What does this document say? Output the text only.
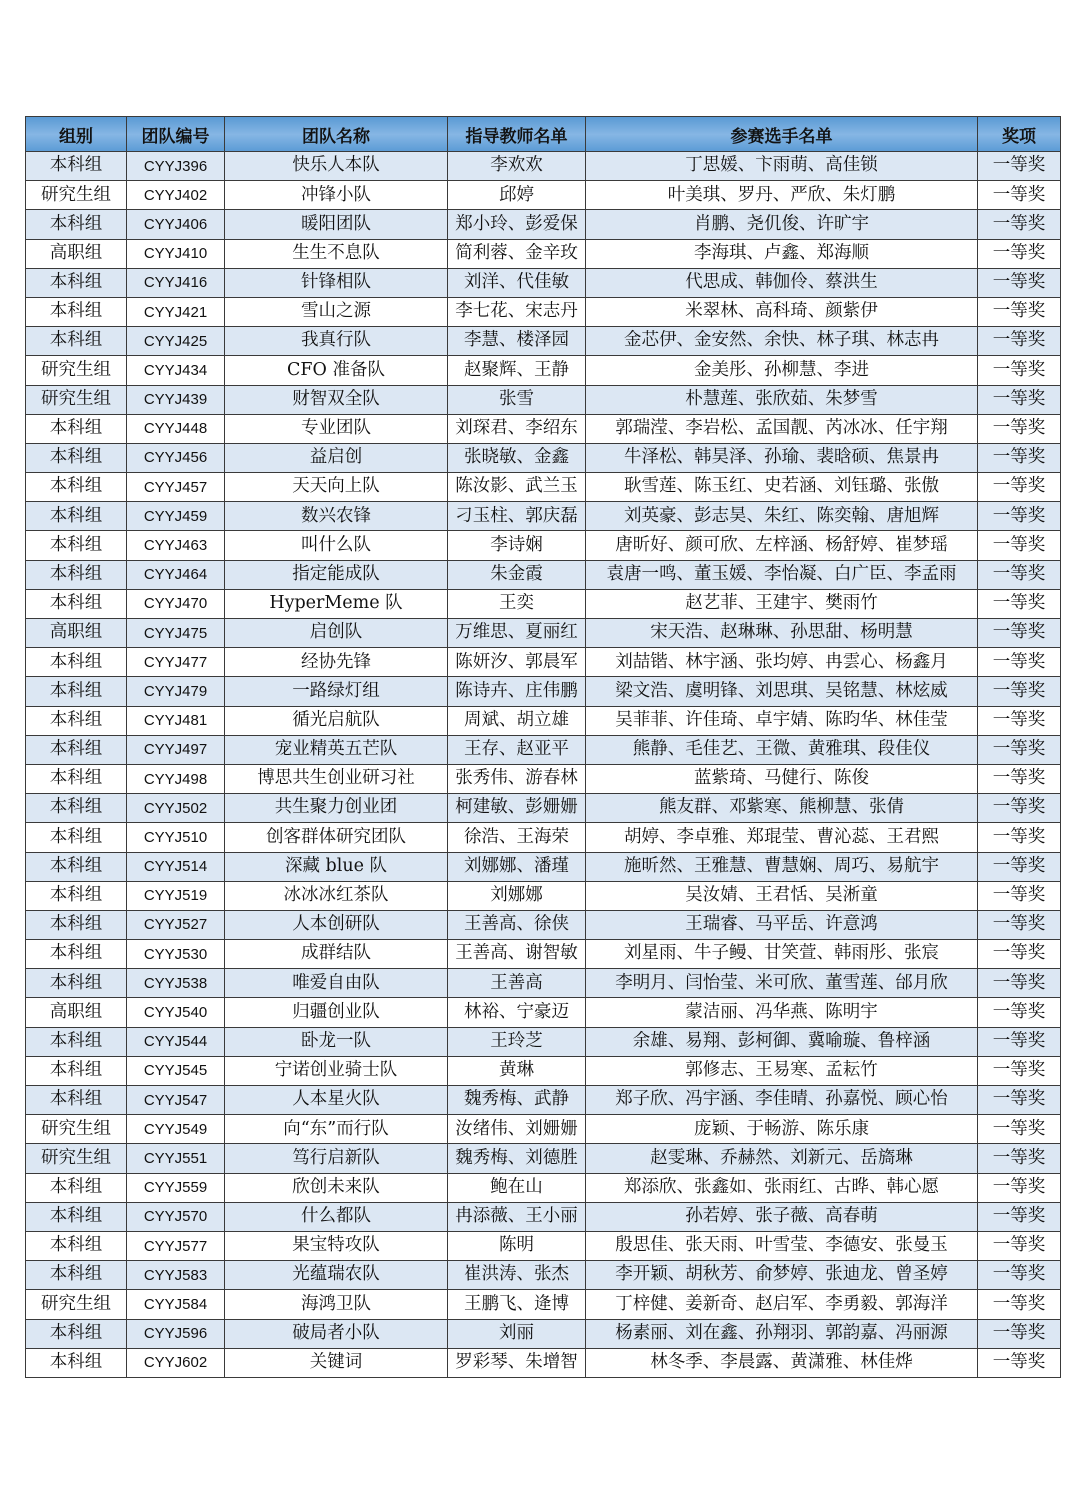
组别	团队编号	团队名称	指导教师名单	参赛选手名单	奖项
本科组	CYYJ396	快乐人本队	李欢欢	丁思媛、卞雨萌、高佳锁	一等奖
研究生组	CYYJ402	冲锋小队	邱婷	叶美琪、罗丹、严欣、朱灯鹏	一等奖
本科组	CYYJ406	暖阳团队	郑小玲、彭爱保	肖鹏、尧仉俊、许旷宇	一等奖
高职组	CYYJ410	生生不息队	简利蓉、金辛玫	李海琪、卢鑫、郑海顺	一等奖
本科组	CYYJ416	针锋相队	刘洋、代佳敏	代思成、韩伽伶、蔡洪生	一等奖
本科组	CYYJ421	雪山之源	李七花、宋志丹	米翠林、高科琦、颜紫伊	一等奖
本科组	CYYJ425	我真行队	李慧、楼泽园	金芯伊、金安然、余快、林子琪、林志冉	一等奖
研究生组	CYYJ434	CFO 准备队	赵聚辉、王静	金美彤、孙柳慧、李进	一等奖
研究生组	CYYJ439	财智双全队	张雪	朴慧莲、张欣茹、朱梦雪	一等奖
本科组	CYYJ448	专业团队	刘琛君、李绍东	郭瑞滢、李岩松、孟国靓、芮冰冰、任宇翔	一等奖
本科组	CYYJ456	益启创	张晓敏、金鑫	牛泽松、韩昊泽、孙瑜、裴晗硕、焦景冉	一等奖
本科组	CYYJ457	天天向上队	陈汝影、武兰玉	耿雪莲、陈玉红、史若涵、刘钰璐、张傲	一等奖
本科组	CYYJ459	数兴农锋	刁玉柱、郭庆磊	刘英豪、彭志昊、朱红、陈奕翰、唐旭辉	一等奖
本科组	CYYJ463	叫什么队	李诗娴	唐昕好、颜可欣、左梓涵、杨舒婷、崔梦瑶	一等奖
本科组	CYYJ464	指定能成队	朱金霞	袁唐一鸣、董玉媛、李怡凝、白广臣、李孟雨	一等奖
本科组	CYYJ470	HyperMeme 队	王奕	赵艺菲、王建宇、樊雨竹	一等奖
高职组	CYYJ475	启创队	万维思、夏丽红	宋天浩、赵琳琳、孙思甜、杨明慧	一等奖
本科组	CYYJ477	经协先锋	陈妍汐、郭晨军	刘喆锴、林宇涵、张均婷、冉雲心、杨鑫月	一等奖
本科组	CYYJ479	一路绿灯组	陈诗卉、庄伟鹏	梁文浩、虞明锋、刘思琪、吴铭慧、林炫威	一等奖
本科组	CYYJ481	循光启航队	周斌、胡立雄	吴菲菲、许佳琦、卓宇婧、陈昀华、林佳莹	一等奖
本科组	CYYJ497	宠业精英五芒队	王存、赵亚平	熊静、毛佳艺、王微、黄雅琪、段佳仪	一等奖
本科组	CYYJ498	博思共生创业研习社	张秀伟、游春林	蓝紫琦、马健行、陈俊	一等奖
本科组	CYYJ502	共生聚力创业团	柯建敏、彭姗姗	熊友群、邓紫寒、熊柳慧、张倩	一等奖
本科组	CYYJ510	创客群体研究团队	徐浩、王海荣	胡婷、李卓雅、郑琨莹、曹沁蕊、王君熙	一等奖
本科组	CYYJ514	深藏 blue 队	刘娜娜、潘瑾	施昕然、王雅慧、曹慧娴、周巧、易航宇	一等奖
本科组	CYYJ519	冰冰冰红茶队	刘娜娜	吴汝婧、王君恬、吴淅童	一等奖
本科组	CYYJ527	人本创研队	王善高、徐侠	王瑞睿、马平岳、许意鸿	一等奖
本科组	CYYJ530	成群结队	王善高、谢智敏	刘星雨、牛子鳗、甘笑萱、韩雨彤、张宸	一等奖
本科组	CYYJ538	唯爱自由队	王善高	李明月、闫怡莹、米可欣、董雪莲、邰月欣	一等奖
高职组	CYYJ540	归疆创业队	林裕、宁豪迈	蒙洁丽、冯华燕、陈明宇	一等奖
本科组	CYYJ544	卧龙一队	王玲芝	余雄、易翔、彭柯御、冀喻璇、鲁梓涵	一等奖
本科组	CYYJ545	宁诺创业骑士队	黄琳	郭修志、王易寒、孟耘竹	一等奖
本科组	CYYJ547	人本星火队	魏秀梅、武静	郑子欣、冯宇涵、李佳晴、孙嘉悦、顾心怡	一等奖
研究生组	CYYJ549	向“东”而行队	汝绪伟、刘姗姗	庞颖、于畅游、陈乐康	一等奖
研究生组	CYYJ551	笃行启新队	魏秀梅、刘德胜	赵雯琳、乔赫然、刘新元、岳旖琳	一等奖
本科组	CYYJ559	欣创未来队	鲍在山	郑添欣、张鑫如、张雨红、古晔、韩心愿	一等奖
本科组	CYYJ570	什么都队	冉添薇、王小丽	孙若婷、张子薇、高春萌	一等奖
本科组	CYYJ577	果宝特攻队	陈明	殷思佳、张天雨、叶雪莹、李德安、张曼玉	一等奖
本科组	CYYJ583	光蕴瑞农队	崔洪涛、张杰	李开颖、胡秋芳、俞梦婷、张迪龙、曾圣婷	一等奖
研究生组	CYYJ584	海鸿卫队	王鹏飞、逄博	丁梓健、姜新奇、赵启军、李勇毅、郭海洋	一等奖
本科组	CYYJ596	破局者小队	刘丽	杨素丽、刘在鑫、孙翔羽、郭韵嘉、冯丽源	一等奖
本科组	CYYJ602	关键词	罗彩琴、朱增智	林冬季、李晨露、黄潇雅、林佳烨	一等奖
